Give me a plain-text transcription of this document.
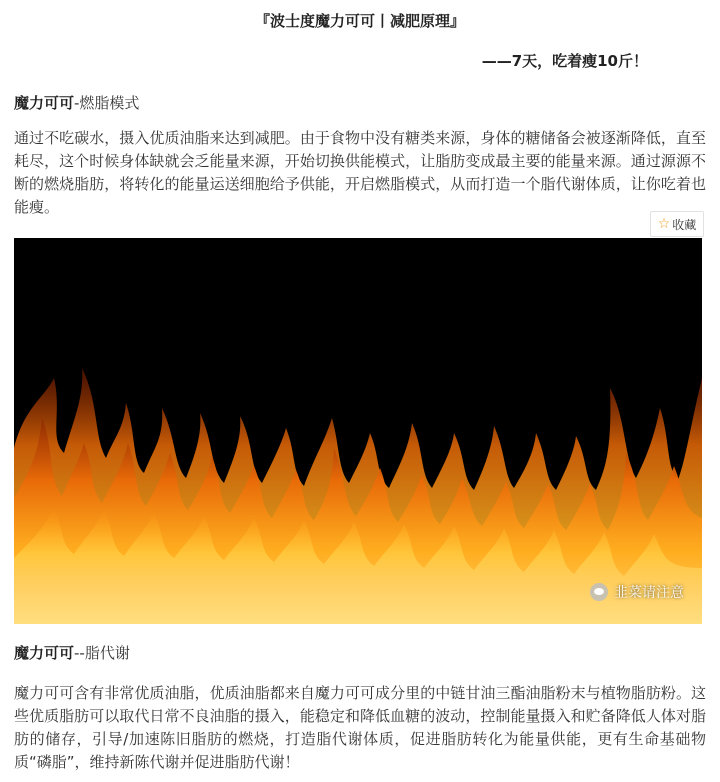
『波士度魔力可可丨减肥原理』
——7天，吃着瘦10斤！
魔力可可-燃脂模式
通过不吃碳水，摄入优质油脂来达到减肥。由于食物中没有糖类来源，身体的糖储备会被逐渐降低，直至耗尽，这个时候身体缺就会乏能量来源，开始切换供能模式，让脂肪变成最主要的能量来源。通过源源不断的燃烧脂肪，将转化的能量运送细胞给予供能，开启燃脂模式，从而打造一个脂代谢体质，让你吃着也能瘦。
☆ 收藏
韭菜请注意
魔力可可--脂代谢
魔力可可含有非常优质油脂，优质油脂都来自魔力可可成分里的中链甘油三酯油脂粉末与植物脂肪粉。这些优质脂肪可以取代日常不良油脂的摄入，能稳定和降低血糖的波动，控制能量摄入和贮备降低人体对脂肪的储存，引导/加速陈旧脂肪的燃烧，打造脂代谢体质，促进脂肪转化为能量供能，更有生命基础物质“磷脂”，维持新陈代谢并促进脂肪代谢！
